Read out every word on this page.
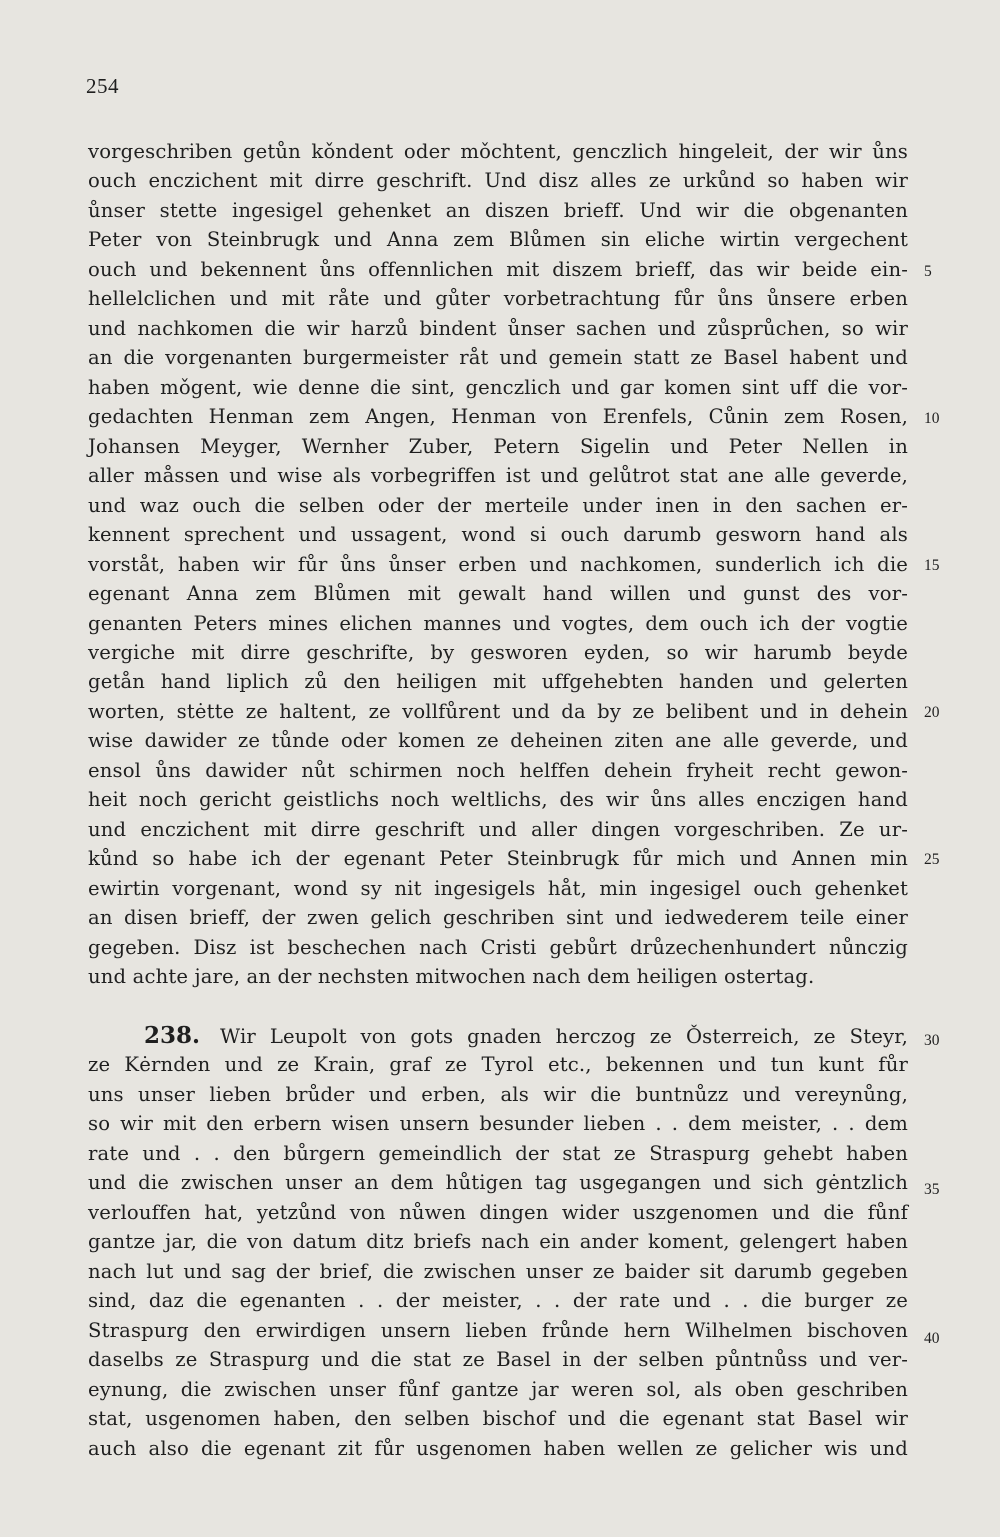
254
vorgeschriben getůn kǒndent oder mǒchtent, genczlich hingeleit, der wir ůns
ouch enczichent mit dirre geschrift. Und disz alles ze urkůnd so haben wir
ůnser stette ingesigel gehenket an diszen brieff. Und wir die obgenanten
Peter von Steinbrugk und Anna zem Blůmen sin eliche wirtin vergechent
ouch und bekennent ůns offennlichen mit diszem brieff, das wir beide ein-
hellelclichen und mit råte und gůter vorbetrachtung fůr ůns ůnsere erben
und nachkomen die wir harzů bindent ůnser sachen und zůsprůchen, so wir
an die vorgenanten burgermeister råt und gemein statt ze Basel habent und
haben mǒgent, wie denne die sint, genczlich und gar komen sint uff die vor-
gedachten Henman zem Angen, Henman von Erenfels, Cůnin zem Rosen,
Johansen Meyger, Wernher Zuber, Petern Sigelin und Peter Nellen in
aller måssen und wise als vorbegriffen ist und gelůtrot stat ane alle geverde,
und waz ouch die selben oder der merteile under inen in den sachen er-
kennent sprechent und ussagent, wond si ouch darumb gesworn hand als
vorståt, haben wir fůr ůns ůnser erben und nachkomen, sunderlich ich die
egenant Anna zem Blůmen mit gewalt hand willen und gunst des vor-
genanten Peters mines elichen mannes und vogtes, dem ouch ich der vogtie
vergiche mit dirre geschrifte, by gesworen eyden, so wir harumb beyde
getån hand liplich zů den heiligen mit uffgehebten handen und gelerten
worten, stėtte ze haltent, ze vollfůrent und da by ze belibent und in dehein
wise dawider ze tůnde oder komen ze deheinen ziten ane alle geverde, und
ensol ůns dawider nůt schirmen noch helffen dehein fryheit recht gewon-
heit noch gericht geistlichs noch weltlichs, des wir ůns alles enczigen hand
und enczichent mit dirre geschrift und aller dingen vorgeschriben. Ze ur-
kůnd so habe ich der egenant Peter Steinbrugk fůr mich und Annen min
ewirtin vorgenant, wond sy nit ingesigels håt, min ingesigel ouch gehenket
an disen brieff, der zwen gelich geschriben sint und iedwederem teile einer
gegeben. Disz ist beschechen nach Cristi gebůrt drůzechenhundert nůnczig
und achte jare, an der nechsten mitwochen nach dem heiligen ostertag.
238. Wir Leupolt von gots gnaden herczog ze Ǒsterreich, ze Steyr,
ze Kėrnden und ze Krain, graf ze Tyrol etc., bekennen und tun kunt fůr
uns unser lieben brůder und erben, als wir die buntnůzz und vereynůng,
so wir mit den erbern wisen unsern besunder lieben . . dem meister, . . dem
rate und . . den bůrgern gemeindlich der stat ze Straspurg gehebt haben
und die zwischen unser an dem hůtigen tag usgegangen und sich gėntzlich
verlouffen hat, yetzůnd von nůwen dingen wider uszgenomen und die fůnf
gantze jar, die von datum ditz briefs nach ein ander koment, gelengert haben
nach lut und sag der brief, die zwischen unser ze baider sit darumb gegeben
sind, daz die egenanten . . der meister, . . der rate und . . die burger ze
Straspurg den erwirdigen unsern lieben frůnde hern Wilhelmen bischoven
daselbs ze Straspurg und die stat ze Basel in der selben půntnůss und ver-
eynung, die zwischen unser fůnf gantze jar weren sol, als oben geschriben
stat, usgenomen haben, den selben bischof und die egenant stat Basel wir
auch also die egenant zit fůr usgenomen haben wellen ze gelicher wis und
5
10
15
20
25
30
35
40
